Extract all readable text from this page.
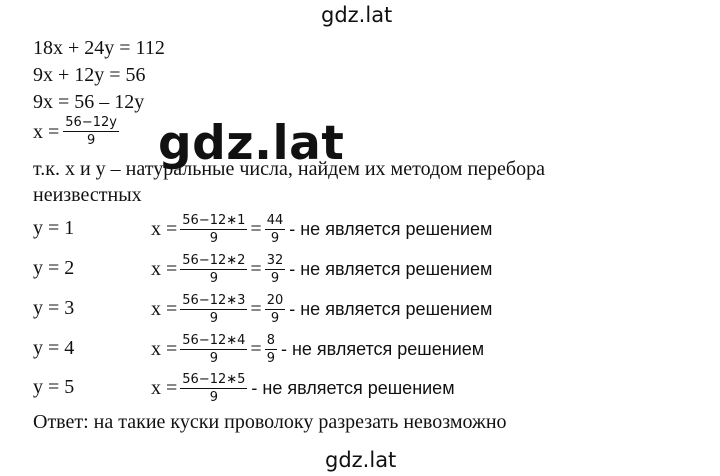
gdz.lat
18x + 24y = 112
9x + 12y = 56
9x = 56 – 12y
$x = \frac{56-12y}{9} gdz.lat$
т.к. x и y – натуральные числа, найдем их методом перебора
неизвестных
y = 1	$x = \frac{56-12∗1}{9} = \frac{44}{9}$ - не является решением
y = 2	$x = \frac{56-12∗2}{9} = \frac{32}{9}$ - не является решением
y = 3	$x = \frac{56-12∗3}{9} = \frac{20}{9}$ - не является решением
y = 4	$x = \frac{56-12∗4}{9} = \frac{8}{9}$ - не является решением
y = 5	$x = \frac{56-12∗5}{9}$ - не является решением
Ответ: на такие куски проволоку разрезать невозможно
gdz.lat
